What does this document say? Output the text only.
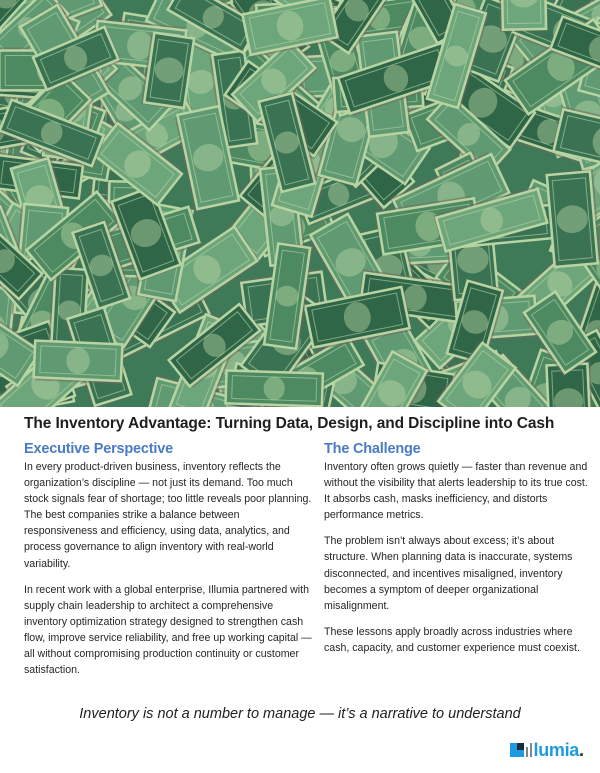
The Inventory Advantage: Turning Data, Design, and Discipline into Cash
Executive Perspective

In every product-driven business, inventory reflects the organization’s discipline — not just its demand. Too much stock signals fear of shortage; too little reveals poor planning. The best companies strike a balance between responsiveness and efficiency, using data, analytics, and process governance to align inventory with real-world variability.

In recent work with a global enterprise, Illumia partnered with supply chain leadership to architect a comprehensive inventory optimization strategy designed to strengthen cash flow, improve service reliability, and free up working capital — all without compromising production continuity or customer satisfaction.

The Challenge

Inventory often grows quietly — faster than revenue and without the visibility that alerts leadership to its true cost. It absorbs cash, masks inefficiency, and distorts performance metrics.

The problem isn’t always about excess; it’s about structure. When planning data is inaccurate, systems disconnected, and incentives misaligned, inventory becomes a symptom of deeper organizational misalignment.

These lessons apply broadly across industries where cash, capacity, and customer experience must coexist.

Inventory is not a number to manage — it’s a narrative to understand
lumia.
